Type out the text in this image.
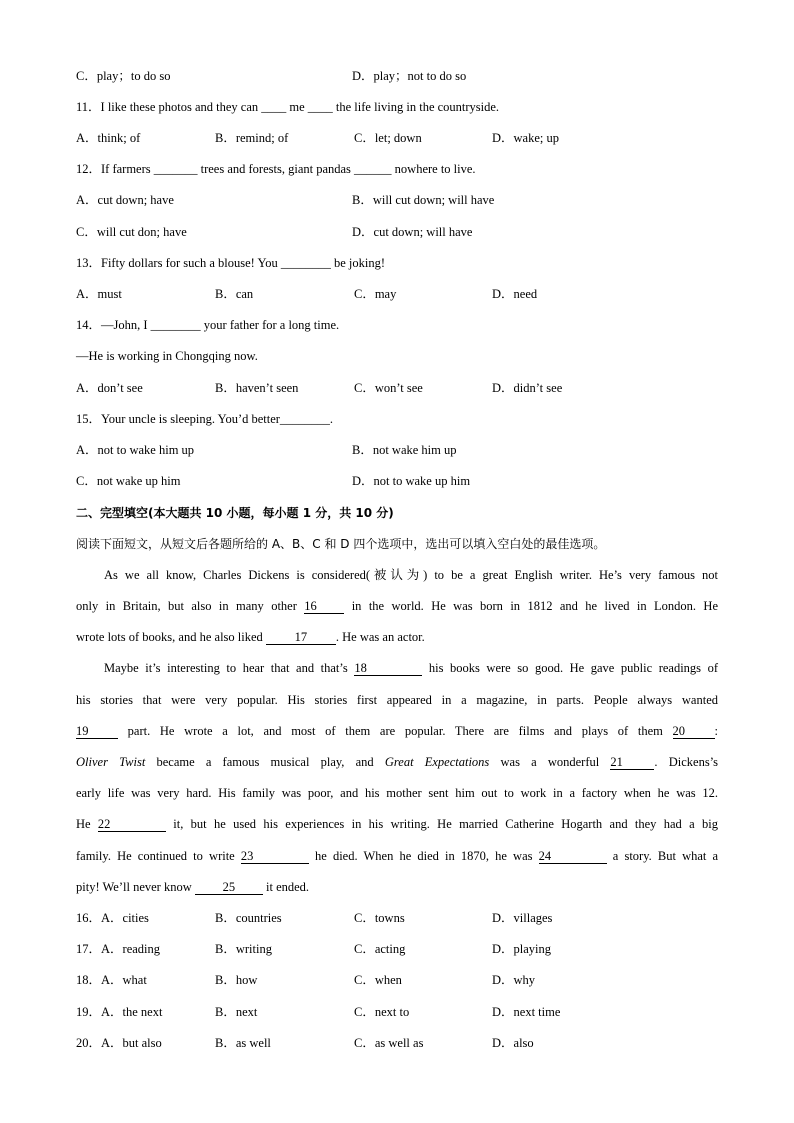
C．play；to do so	D．play；not to do so
11．I like these photos and they can ____ me ____ the life living in the countryside.
A．think; of	B．remind; of	C．let; down	D．wake; up
12．If farmers _______ trees and forests, giant pandas ______ nowhere to live.
A．cut down; have	B．will cut down; will have
C．will cut don; have	D．cut down; will have
13．Fifty dollars for such a blouse! You ________ be joking!
A．must	B．can	C．may	D．need
14．—John, I ________ your father for a long time.
—He is working in Chongqing now.
A．don’t see	B．haven’t seen	C．won’t see	D．didn’t see
15．Your uncle is sleeping. You’d better________.
A．not to wake him up	B．not wake him up
C．not wake up him	D．not to wake up him
二、完型填空(本大题共 10 小题，每小题 1 分，共 10 分)
阅读下面短文，从短文后各题所给的 A、B、C 和 D 四个选项中，选出可以填入空白处的最佳选项。
As we all know, Charles Dickens is considered(被认为) to be a great English writer. He’s very famous not
only in Britain, but also in many other 16	in the world. He was born in 1812 and he lived in London. He
wrote lots of books, and he also liked	17 . He was an actor.
Maybe it’s interesting to hear that and that’s 18	his books were so good. He gave public readings of
his stories that were very popular. His stories first appeared in a magazine, in parts. People always wanted
19	part. He wrote a lot, and most of them are popular. There are films and plays of them 20 :
Oliver Twist became a famous musical play, and Great Expectations was a wonderful 21	. Dickens’s
early life was very hard. His family was poor, and his mother sent him out to work in a factory when he was 12.
He 22	it, but he used his experiences in his writing. He married Catherine Hogarth and they had a big
family. He continued to write 23	he died. When he died in 1870, he was 24	a story. But what a
pity! We’ll never know 25 it ended.
16．A．cities	B．countries	C．towns	D．villages
17．A．reading	B．writing	C．acting	D．playing
18．A．what	B．how	C．when	D．why
19．A．the next	B．next	C．next to	D．next time
20．A．but also	B．as well	C．as well as	D．also
